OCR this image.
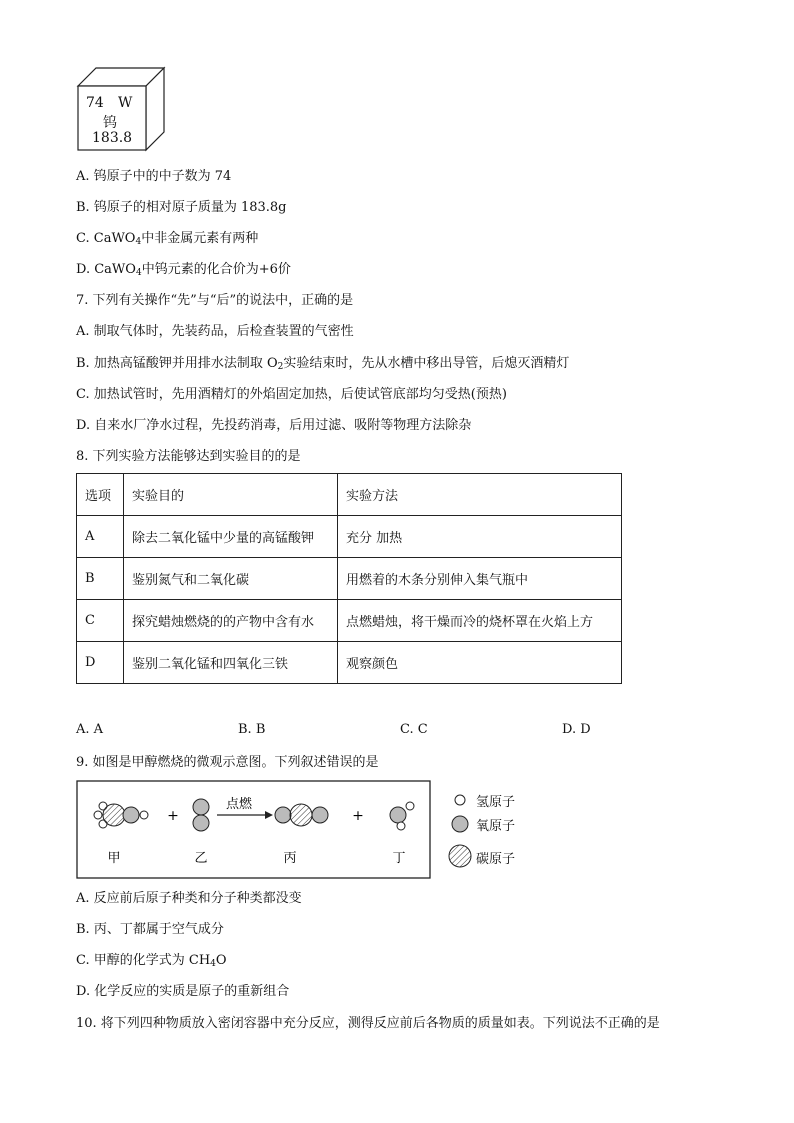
74 W
钨
183.8
A. 钨原子中的中子数为 74
B. 钨原子的相对原子质量为 183.8g
C. CaWO$_4$中非金属元素有两种
D. CaWO$_4$中钨元素的化合价为+6价
7. 下列有关操作“先”与“后”的说法中，正确的是
A. 制取气体时，先装药品，后检查装置的气密性
B. 加热高锰酸钾并用排水法制取 $O_2$实验结束时，先从水槽中移出导管，后熄灭酒精灯
C. 加热试管时，先用酒精灯的外焰固定加热，后使试管底部均匀受热(预热)
D. 自来水厂净水过程，先投药消毒，后用过滤、吸附等物理方法除杂
8. 下列实验方法能够达到实验目的的是
选项	实验目的	实验方法
A	除去二氧化锰中少量的高锰酸钾	充分 加热
B	鉴别氮气和二氧化碳	用燃着的木条分别伸入集气瓶中
C	探究蜡烛燃烧的的产物中含有水	点燃蜡烛，将干燥而冷的烧杯罩在火焰上方
D	鉴别二氧化锰和四氧化三铁	观察颜色
A. A	B. B	C. C	D. D
9. 如图是甲醇燃烧的微观示意图。下列叙述错误的是
+
点燃
+
甲	乙	丙	丁
氢原子
氧原子
碳原子
A. 反应前后原子种类和分子种类都没变
B. 丙、丁都属于空气成分
C. 甲醇的化学式为 $CH_4O$
D. 化学反应的实质是原子的重新组合
10. 将下列四种物质放入密闭容器中充分反应，测得反应前后各物质的质量如表。下列说法不正确的是
